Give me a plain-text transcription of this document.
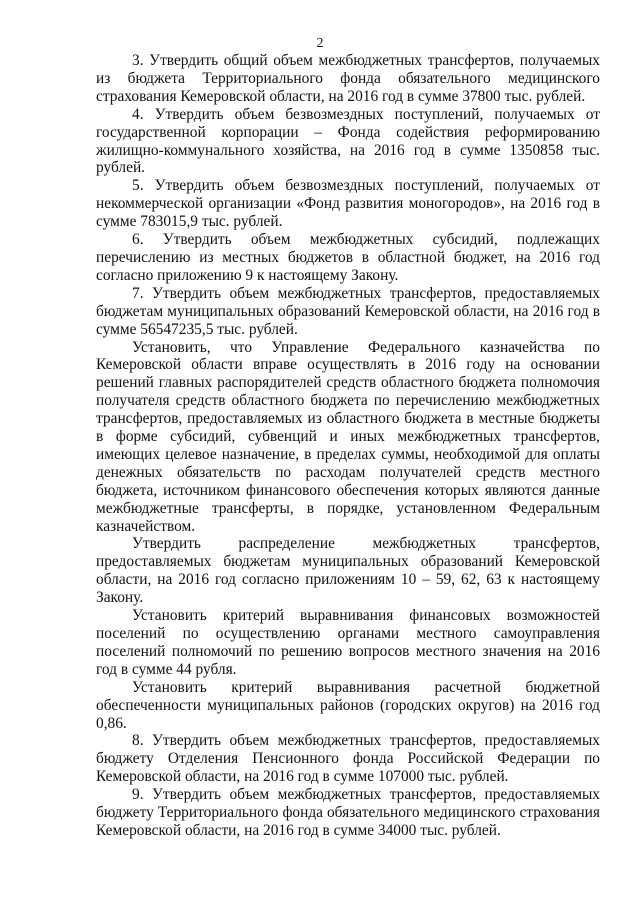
2

3. Утвердить общий объем межбюджетных трансфертов, получаемых из бюджета Территориального фонда обязательного медицинского страхования Кемеровской области, на 2016 год в сумме 37800 тыс. рублей.

4. Утвердить объем безвозмездных поступлений, получаемых от государственной корпорации – Фонда содействия реформированию жилищно-коммунального хозяйства, на 2016 год в сумме 1350858 тыс. рублей.

5. Утвердить объем безвозмездных поступлений, получаемых от некоммерческой организации «Фонд развития моногородов», на 2016 год в сумме 783015,9 тыс. рублей.

6. Утвердить объем межбюджетных субсидий, подлежащих перечислению из местных бюджетов в областной бюджет, на 2016 год согласно приложению 9 к настоящему Закону.

7. Утвердить объем межбюджетных трансфертов, предоставляемых бюджетам муниципальных образований Кемеровской области, на 2016 год в сумме 56547235,5 тыс. рублей.

Установить, что Управление Федерального казначейства по Кемеровской области вправе осуществлять в 2016 году на основании решений главных распорядителей средств областного бюджета полномочия получателя средств областного бюджета по перечислению межбюджетных трансфертов, предоставляемых из областного бюджета в местные бюджеты в форме субсидий, субвенций и иных межбюджетных трансфертов, имеющих целевое назначение, в пределах суммы, необходимой для оплаты денежных обязательств по расходам получателей средств местного бюджета, источником финансового обеспечения которых являются данные межбюджетные трансферты, в порядке, установленном Федеральным казначейством.

Утвердить распределение межбюджетных трансфертов, предоставляемых бюджетам муниципальных образований Кемеровской области, на 2016 год согласно приложениям 10 – 59, 62, 63 к настоящему Закону.

Установить критерий выравнивания финансовых возможностей поселений по осуществлению органами местного самоуправления поселений полномочий по решению вопросов местного значения на 2016 год в сумме 44 рубля.

Установить критерий выравнивания расчетной бюджетной обеспеченности муниципальных районов (городских округов) на 2016 год 0,86.

8. Утвердить объем межбюджетных трансфертов, предоставляемых бюджету Отделения Пенсионного фонда Российской Федерации по Кемеровской области, на 2016 год в сумме 107000 тыс. рублей.

9. Утвердить объем межбюджетных трансфертов, предоставляемых бюджету Территориального фонда обязательного медицинского страхования Кемеровской области, на 2016 год в сумме 34000 тыс. рублей.
